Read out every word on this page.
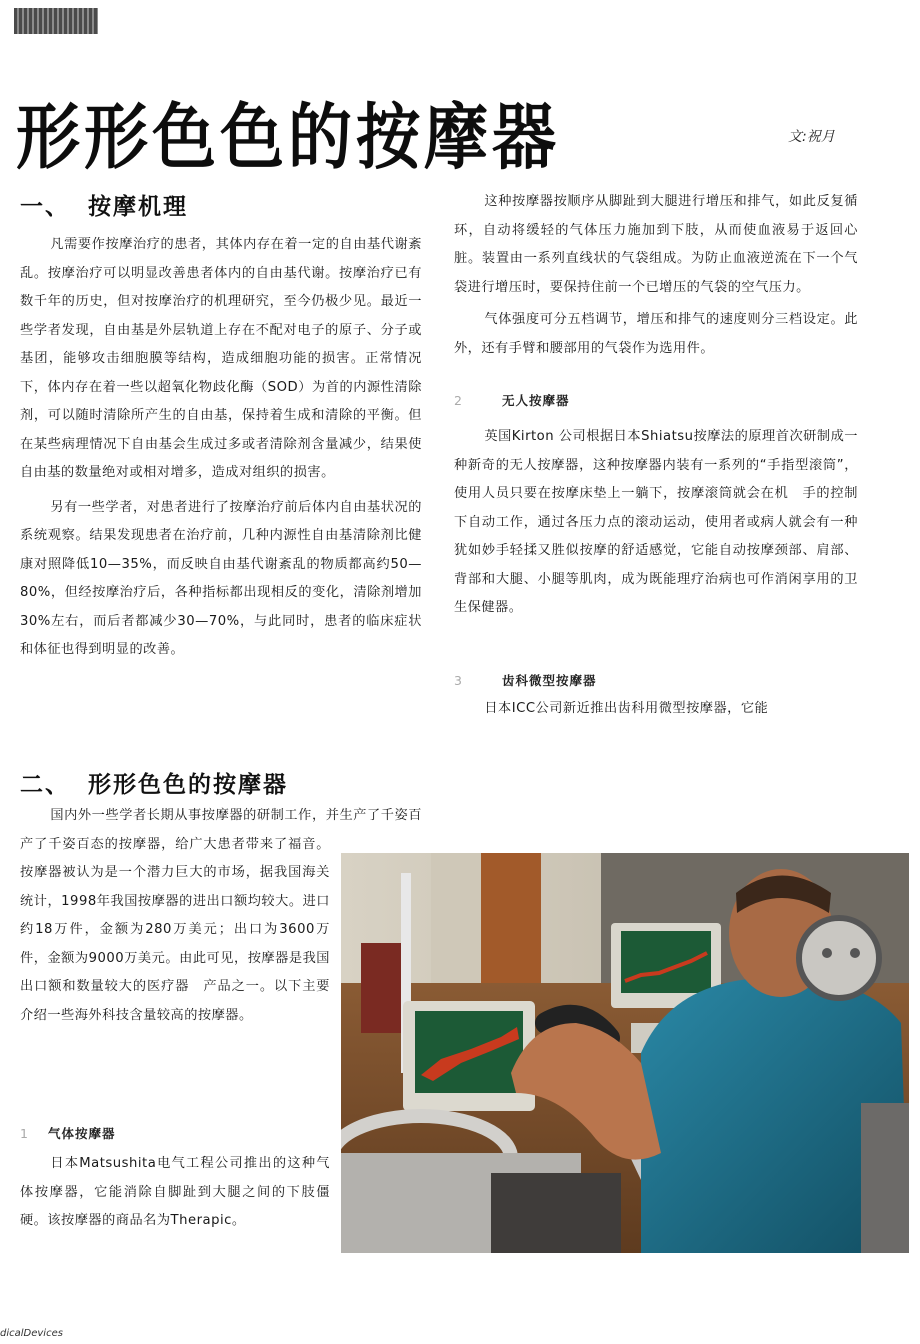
形形色色的按摩器	文:祝月
一、 按摩机理

凡需要作按摩治疗的患者，其体内存在着一定的自由基代谢紊乱。按摩治疗可以明显改善患者体内的自由基代谢。按摩治疗已有数千年的历史，但对按摩治疗的机理研究，至今仍极少见。最近一些学者发现，自由基是外层轨道上存在不配对电子的原子、分子或基团，能够攻击细胞膜等结构，造成细胞功能的损害。正常情况下，体内存在着一些以超氧化物歧化酶（SOD）为首的内源性清除剂，可以随时清除所产生的自由基，保持着生成和清除的平衡。但在某些病理情况下自由基会生成过多或者清除剂含量减少，结果使自由基的数量绝对或相对增多，造成对组织的损害。

另有一些学者，对患者进行了按摩治疗前后体内自由基状况的系统观察。结果发现患者在治疗前，几种内源性自由基清除剂比健康对照降低10—35%，而反映自由基代谢紊乱的物质都高约50—80%，但经按摩治疗后，各种指标都出现相反的变化，清除剂增加30%左右，而后者都减少30—70%，与此同时，患者的临床症状和体征也得到明显的改善。

二、 形形色色的按摩器

国内外一些学者长期从事按摩器的研制工作，并生产了千姿百　

这种按摩器按顺序从脚趾到大腿进行增压和排气，如此反复循环，自动将缓轻的气体压力施加到下肢，从而使血液易于返回心脏。装置由一系列直线状的气袋组成。为防止血液逆流在下一个气袋进行增压时，要保持住前一个已增压的气袋的空气压力。

气体强度可分五档调节，增压和排气的速度则分三档设定。此外，还有手臂和腰部用的气袋作为选用件。

2	无人按摩器

英国Kirton 公司根据日本Shiatsu按摩法的原理首次研制成一种新奇的无人按摩器，这种按摩器内装有一系列的“手指型滚筒”，使用人员只要在按摩床垫上一躺下，按摩滚筒就会在机　手的控制下自动工作，通过各压力点的滚动运动，使用者或病人就会有一种犹如妙手轻揉又胜似按摩的舒适感觉，它能自动按摩颈部、肩部、背部和大腿、小腿等肌肉，成为既能理疗治病也可作消闲享用的卫生保健器。

3	齿科微型按摩器

日本ICC公司新近推出齿科用微型按摩器，它能

产了千姿百态的按摩器，给广大患者带来了福音。按摩器被认为是一个潜力巨大的市场，据我国海关统计，1998年我国按摩器的进出口额均较大。进口约18万件，金额为280万美元；出口为3600万件，金额为9000万美元。由此可见，按摩器是我国出口额和数量较大的医疗器　产品之一。以下主要介绍一些海外科技含量较高的按摩器。

1 气体按摩器

日本Matsushita电气工程公司推出的这种气体按摩器，它能消除自脚趾到大腿之间的下肢僵硬。该按摩器的商品名为Therapic。

dicalDevices
